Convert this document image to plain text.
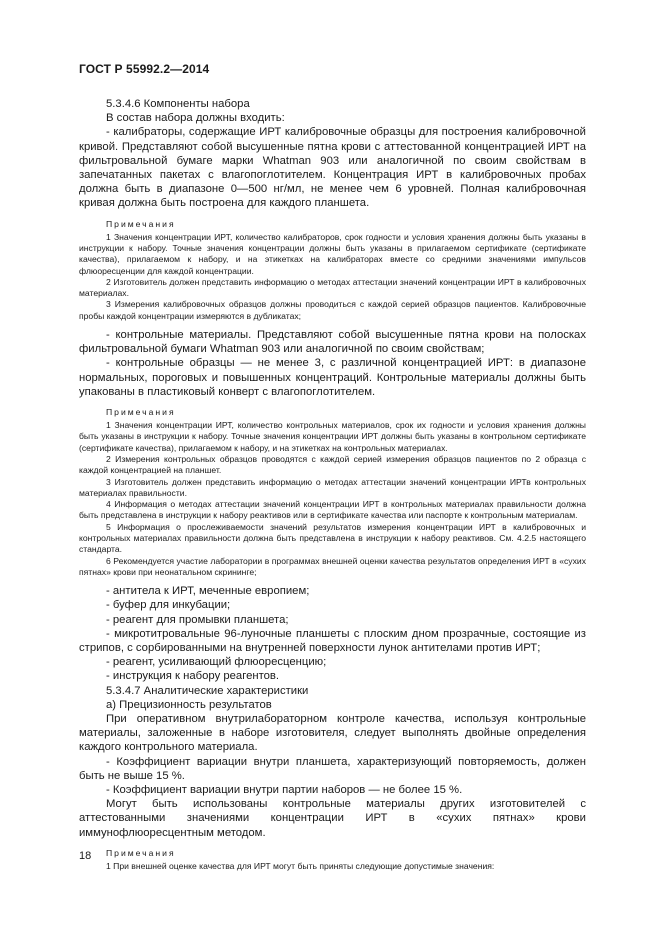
ГОСТ Р 55992.2—2014

5.3.4.6 Компоненты набора

В состав набора должны входить:

- калибраторы, содержащие ИРТ калибровочные образцы для построения калибровочной кривой. Представляют собой высушенные пятна крови с аттестованной концентрацией ИРТ на фильтровальной бумаге марки Whatman 903 или аналогичной по своим свойствам в запечатанных пакетах с влагопоглотителем. Концентрация ИРТ в калибровочных пробах должна быть в диапазоне 0—500 нг/мл, не менее чем 6 уровней. Полная калибровочная кривая должна быть построена для каждого планшета.

Примечания

1 Значения концентрации ИРТ, количество калибраторов, срок годности и условия хранения должны быть указаны в инструкции к набору. Точные значения концентрации должны быть указаны в прилагаемом сертификате (сертификате качества), прилагаемом к набору, и на этикетках на калибраторах вместе со средними значениями импульсов флюоресценции для каждой концентрации.

2 Изготовитель должен представить информацию о методах аттестации значений концентрации ИРТ в калибровочных материалах.

3 Измерения калибровочных образцов должны проводиться с каждой серией образцов пациентов. Калибровочные пробы каждой концентрации измеряются в дубликатах;

- контрольные материалы. Представляют собой высушенные пятна крови на полосках фильтровальной бумаги Whatman 903 или аналогичной по своим свойствам;

- контрольные образцы — не менее 3, с различной концентрацией ИРТ: в диапазоне нормальных, пороговых и повышенных концентраций. Контрольные материалы должны быть упакованы в пластиковый конверт с влагопоглотителем.

Примечания

1 Значения концентрации ИРТ, количество контрольных материалов, срок их годности и условия хранения должны быть указаны в инструкции к набору. Точные значения концентрации ИРТ должны быть указаны в контрольном сертификате (сертификате качества), прилагаемом к набору, и на этикетках на контрольных материалах.

2 Измерения контрольных образцов проводятся с каждой серией измерения образцов пациентов по 2 образца с каждой концентрацией на планшет.

3 Изготовитель должен представить информацию о методах аттестации значений концентрации ИРТв контрольных материалах правильности.

4 Информация о методах аттестации значений концентрации ИРТ в контрольных материалах правильности должна быть представлена в инструкции к набору реактивов или в сертификате качества или паспорте к контрольным материалам.

5 Информация о прослеживаемости значений результатов измерения концентрации ИРТ в калибровочных и контрольных материалах правильности должна быть представлена в инструкции к набору реактивов. См. 4.2.5 настоящего стандарта.

6 Рекомендуется участие лаборатории в программах внешней оценки качества результатов определения ИРТ в «сухих пятнах» крови при неонатальном скрининге;

- антитела к ИРТ, меченные европием;

- буфер для инкубации;

- реагент для промывки планшета;

- микротитровальные 96-луночные планшеты с плоским дном прозрачные, состоящие из стрипов, с сорбированными на внутренней поверхности лунок антителами против ИРТ;

- реагент, усиливающий флюоресценцию;

- инструкция к набору реагентов.

5.3.4.7 Аналитические характеристики

а) Прецизионность результатов

При оперативном внутрилабораторном контроле качества, используя контрольные материалы, заложенные в наборе изготовителя, следует выполнять двойные определения каждого контрольного материала.

- Коэффициент вариации внутри планшета, характеризующий повторяемость, должен быть не выше 15 %.

- Коэффициент вариации внутри партии наборов — не более 15 %.

Могут быть использованы контрольные материалы других изготовителей с аттестованными значениями концентрации ИРТ в «сухих пятнах» крови иммунофлюоресцентным методом.

Примечания

1 При внешней оценке качества для ИРТ могут быть приняты следующие допустимые значения:

18
